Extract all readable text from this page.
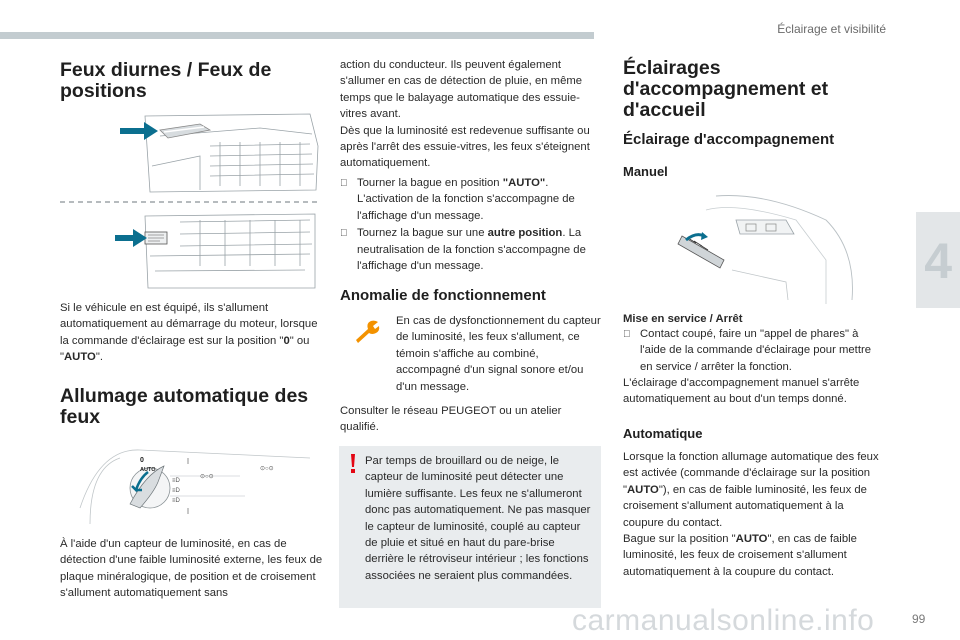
Éclairage et visibilité
4
Feux diurnes / Feux de positions

Si le véhicule en est équipé, ils s'allument automatiquement au démarrage du moteur, lorsque la commande d'éclairage est sur la position "0" ou "AUTO".

Allumage automatique des feux
0
AUTO
≡D
≡D
≡D
⊙○⊙
⊙○⊙

À l'aide d'un capteur de luminosité, en cas de détection d'une faible luminosité externe, les feux de plaque minéralogique, de position et de croisement s'allument automatiquement sans

action du conducteur. Ils peuvent également s'allumer en cas de détection de pluie, en même temps que le balayage automatique des essuie-vitres avant.

Dès que la luminosité est redevenue suffisante ou après l'arrêt des essuie-vitres, les feux s'éteignent automatiquement.

Tourner la bague en position "AUTO". L'activation de la fonction s'accompagne de l'affichage d'un message.
Tournez la bague sur une autre position. La neutralisation de la fonction s'accompagne de l'affichage d'un message.
Anomalie de fonctionnement

En cas de dysfonctionnement du capteur de luminosité, les feux s'allument, ce témoin s'affiche au combiné, accompagné d'un signal sonore et/ou d'un message.

Consulter le réseau PEUGEOT ou un atelier qualifié.

Par temps de brouillard ou de neige, le capteur de luminosité peut détecter une lumière suffisante. Les feux ne s'allumeront donc pas automatiquement. Ne pas masquer le capteur de luminosité, couplé au capteur de pluie et situé en haut du pare-brise derrière le rétroviseur intérieur ; les fonctions associées ne seraient plus commandées.

Éclairages d'accompagnement et d'accueil
Éclairage d'accompagnement
Manuel
Mise en service / Arrêt
Contact coupé, faire un "appel de phares" à l'aide de la commande d'éclairage pour mettre en service / arrêter la fonction.

L'éclairage d'accompagnement manuel s'arrête automatiquement au bout d'un temps donné.

Automatique

Lorsque la fonction allumage automatique des feux est activée (commande d'éclairage sur la position "AUTO"), en cas de faible luminosité, les feux de croisement s'allument automatiquement à la coupure du contact.

Bague sur la position "AUTO", en cas de faible luminosité, les feux de croisement s'allument automatiquement à la coupure du contact.

carmanualsonline.info	99
